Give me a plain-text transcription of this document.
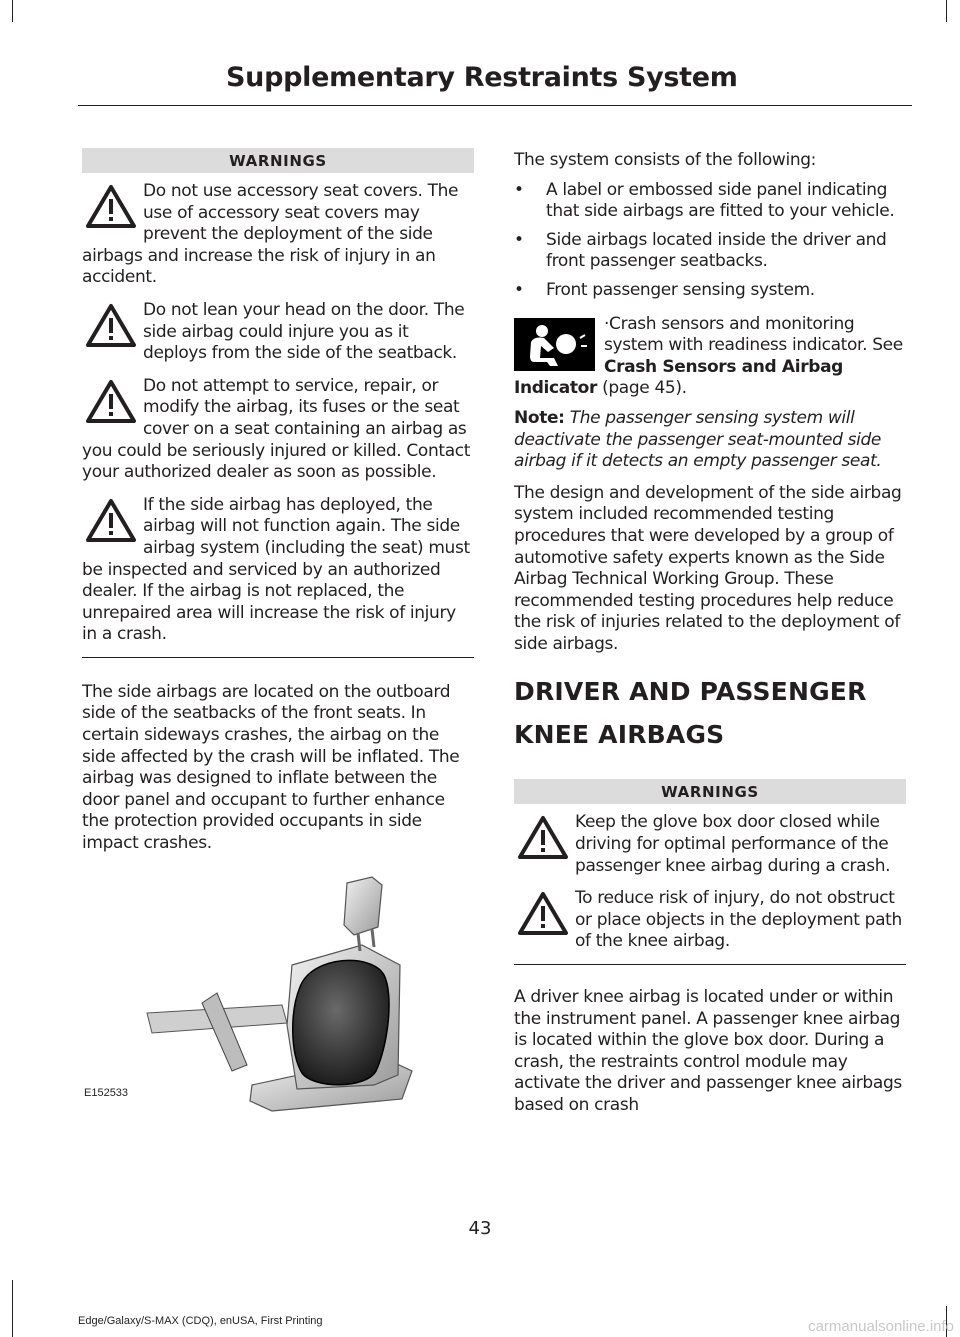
Supplementary Restraints System
WARNINGS
Do not use accessory seat covers. The use of accessory seat covers may prevent the deployment of the side airbags and increase the risk of injury in an accident.
Do not lean your head on the door. The side airbag could injure you as it deploys from the side of the seatback.
Do not attempt to service, repair, or modify the airbag, its fuses or the seat cover on a seat containing an airbag as you could be seriously injured or killed. Contact your authorized dealer as soon as possible.
If the side airbag has deployed, the airbag will not function again. The side airbag system (including the seat) must be inspected and serviced by an authorized dealer. If the airbag is not replaced, the unrepaired area will increase the risk of injury in a crash.

The side airbags are located on the outboard side of the seatbacks of the front seats. In certain sideways crashes, the airbag on the side affected by the crash will be inflated. The airbag was designed to inflate between the door panel and occupant to further enhance the protection provided occupants in side impact crashes.

E152533

The system consists of the following:

• A label or embossed side panel indicating that side airbags are fitted to your vehicle.
• Side airbags located inside the driver and front passenger seatbacks.
• Front passenger sensing system.
·Crash sensors and monitoring system with readiness indicator. See Crash Sensors and Airbag Indicator (page 45).

Note: The passenger sensing system will deactivate the passenger seat-mounted side airbag if it detects an empty passenger seat.

The design and development of the side airbag system included recommended testing procedures that were developed by a group of automotive safety experts known as the Side Airbag Technical Working Group. These recommended testing procedures help reduce the risk of injuries related to the deployment of side airbags.

DRIVER AND PASSENGER
KNEE AIRBAGS
WARNINGS
Keep the glove box door closed while driving for optimal performance of the passenger knee airbag during a crash.
To reduce risk of injury, do not obstruct or place objects in the deployment path of the knee airbag.

A driver knee airbag is located under or within the instrument panel. A passenger knee airbag is located within the glove box door. During a crash, the restraints control module may activate the driver and passenger knee airbags based on crash

43
Edge/Galaxy/S-MAX (CDQ), enUSA, First Printing	carmanualsonline.info
